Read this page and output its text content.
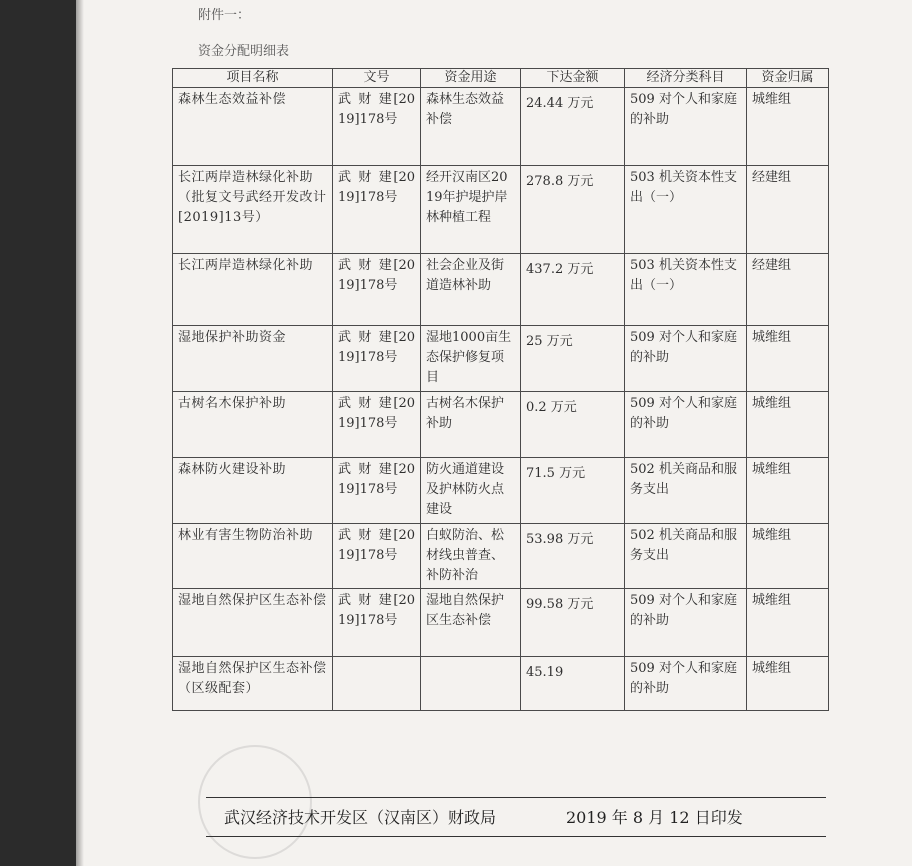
附件一：
资金分配明细表
项目名称	文号	资金用途	下达金额	经济分类科目	资金归属

森林生态效益补偿	武 财 建[2019]178号	森林生态效益补偿	24.44 万元	509 对个人和家庭的补助	城维组

长江两岸造林绿化补助（批复文号武经开发改计[2019]13号）	武 财 建[2019]178号	经开汉南区2019年护堤护岸林种植工程	278.8 万元	503 机关资本性支出（一）	经建组

长江两岸造林绿化补助	武 财 建[2019]178号	社会企业及街道造林补助	437.2 万元	503 机关资本性支出（一）	经建组

湿地保护补助资金	武 财 建[2019]178号	湿地1000亩生态保护修复项目	25 万元	509 对个人和家庭的补助	城维组

古树名木保护补助	武 财 建[2019]178号	古树名木保护补助	0.2 万元	509 对个人和家庭的补助	城维组

森林防火建设补助	武 财 建[2019]178号	防火通道建设及护林防火点建设	71.5 万元	502 机关商品和服务支出	城维组

林业有害生物防治补助	武 财 建[2019]178号	白蚁防治、松材线虫普查、补防补治	53.98 万元	502 机关商品和服务支出	城维组

湿地自然保护区生态补偿	武 财 建[2019]178号	湿地自然保护区生态补偿	99.58 万元	509 对个人和家庭的补助	城维组

湿地自然保护区生态补偿（区级配套）			45.19	509 对个人和家庭的补助	城维组
武汉经济技术开发区（汉南区）财政局	2019 年 8 月 12 日印发
